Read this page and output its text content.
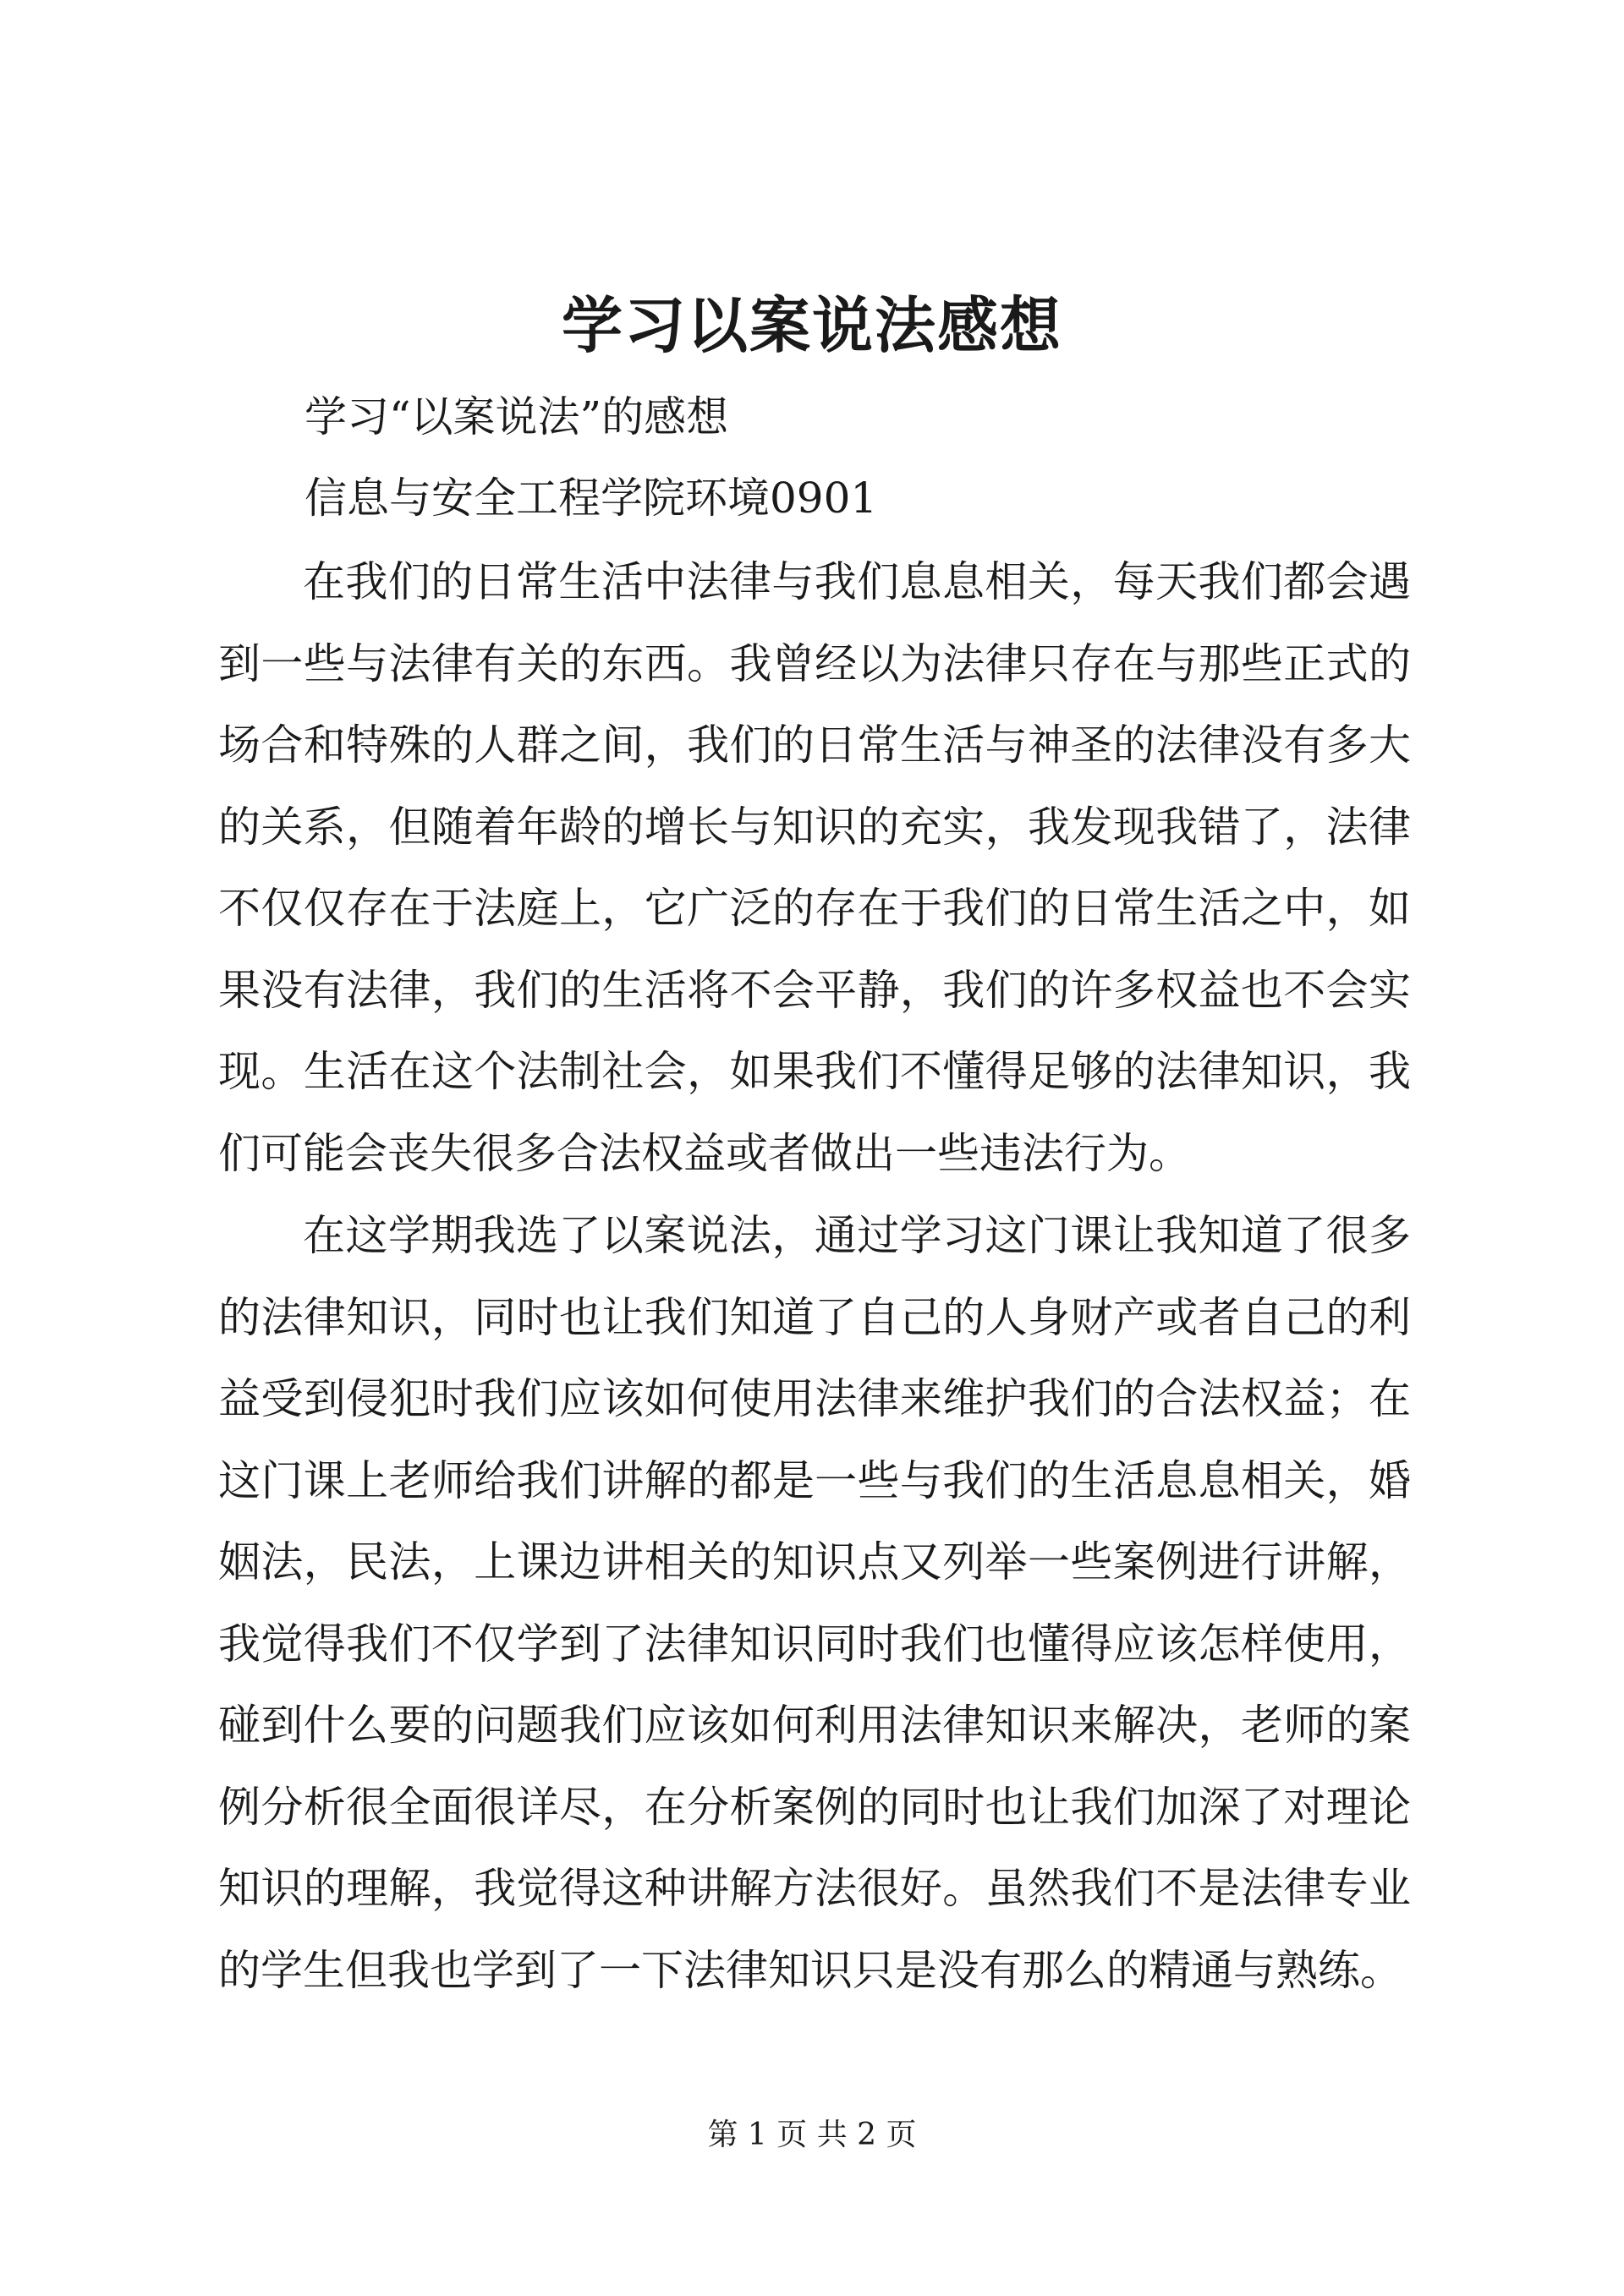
学习以案说法感想
学习“以案说法”的感想
信息与安全工程学院环境0901

在我们的日常生活中法律与我们息息相关，每天我们都会遇到一些与法律有关的东西。我曾经以为法律只存在与那些正式的场合和特殊的人群之间，我们的日常生活与神圣的法律没有多大的关系，但随着年龄的增长与知识的充实，我发现我错了，法律不仅仅存在于法庭上，它广泛的存在于我们的日常生活之中，如果没有法律，我们的生活将不会平静，我们的许多权益也不会实现。生活在这个法制社会，如果我们不懂得足够的法律知识，我们可能会丧失很多合法权益或者做出一些违法行为。

在这学期我选了以案说法，通过学习这门课让我知道了很多的法律知识，同时也让我们知道了自己的人身财产或者自己的利益受到侵犯时我们应该如何使用法律来维护我们的合法权益；在这门课上老师给我们讲解的都是一些与我们的生活息息相关，婚姻法，民法，上课边讲相关的知识点又列举一些案例进行讲解，我觉得我们不仅学到了法律知识同时我们也懂得应该怎样使用，碰到什么要的问题我们应该如何利用法律知识来解决，老师的案例分析很全面很详尽，在分析案例的同时也让我们加深了对理论知识的理解，我觉得这种讲解方法很好。虽然我们不是法律专业的学生但我也学到了一下法律知识只是没有那么的精通与熟练。

第 1 页 共 2 页
